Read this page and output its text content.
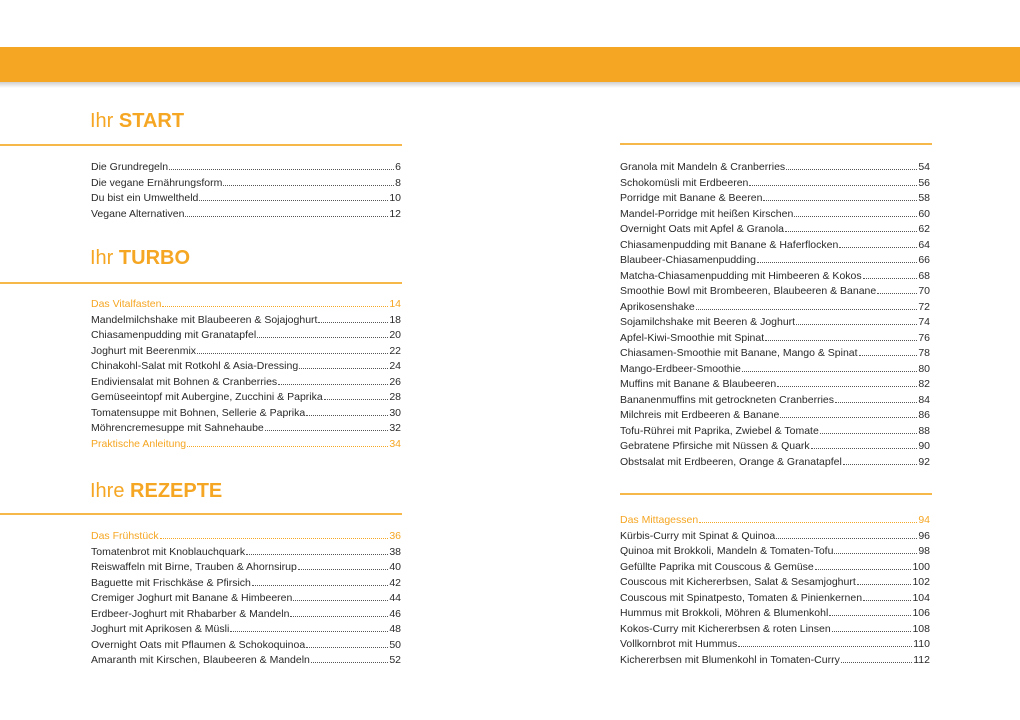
Ihr START
Die Grundregeln	6
Die vegane Ernährungsform	8
Du bist ein Umweltheld	10
Vegane Alternativen	12
Ihr TURBO
Das Vitalfasten	14
Mandelmilchshake mit Blaubeeren & Sojajoghurt	18
Chiasamenpudding mit Granatapfel	20
Joghurt mit Beerenmix	22
Chinakohl-Salat mit Rotkohl & Asia-Dressing	24
Endiviensalat mit Bohnen & Cranberries	26
Gemüseeintopf mit Aubergine, Zucchini & Paprika	28
Tomatensuppe mit Bohnen, Sellerie & Paprika	30
Möhrencremesuppe mit Sahnehaube	32
Praktische Anleitung	34
Ihre REZEPTE
Das Frühstück	36
Tomatenbrot mit Knoblauchquark	38
Reiswaffeln mit Birne, Trauben & Ahornsirup	40
Baguette mit Frischkäse & Pfirsich	42
Cremiger Joghurt mit Banane & Himbeeren	44
Erdbeer-Joghurt mit Rhabarber & Mandeln	46
Joghurt mit Aprikosen & Müsli	48
Overnight Oats mit Pflaumen & Schokoquinoa	50
Amaranth mit Kirschen, Blaubeeren & Mandeln	52
Granola mit Mandeln & Cranberries	54
Schokomüsli mit Erdbeeren	56
Porridge mit Banane & Beeren	58
Mandel-Porridge mit heißen Kirschen	60
Overnight Oats mit Apfel & Granola	62
Chiasamenpudding mit Banane & Haferflocken	64
Blaubeer-Chiasamenpudding	66
Matcha-Chiasamenpudding mit Himbeeren & Kokos	68
Smoothie Bowl mit Brombeeren, Blaubeeren & Banane	70
Aprikosenshake	72
Sojamilchshake mit Beeren & Joghurt	74
Apfel-Kiwi-Smoothie mit Spinat	76
Chiasamen-Smoothie mit Banane, Mango & Spinat	78
Mango-Erdbeer-Smoothie	80
Muffins mit Banane & Blaubeeren	82
Bananenmuffins mit getrockneten Cranberries	84
Milchreis mit Erdbeeren & Banane	86
Tofu-Rührei mit Paprika, Zwiebel & Tomate	88
Gebratene Pfirsiche mit Nüssen & Quark	90
Obstsalat mit Erdbeeren, Orange & Granatapfel	92
Das Mittagessen	94
Kürbis-Curry mit Spinat & Quinoa	96
Quinoa mit Brokkoli, Mandeln & Tomaten-Tofu	98
Gefüllte Paprika mit Couscous & Gemüse	100
Couscous mit Kichererbsen, Salat & Sesamjoghurt	102
Couscous mit Spinatpesto, Tomaten & Pinienkernen	104
Hummus mit Brokkoli, Möhren & Blumenkohl	106
Kokos-Curry mit Kichererbsen & roten Linsen	108
Vollkornbrot mit Hummus	110
Kichererbsen mit Blumenkohl in Tomaten-Curry	112
